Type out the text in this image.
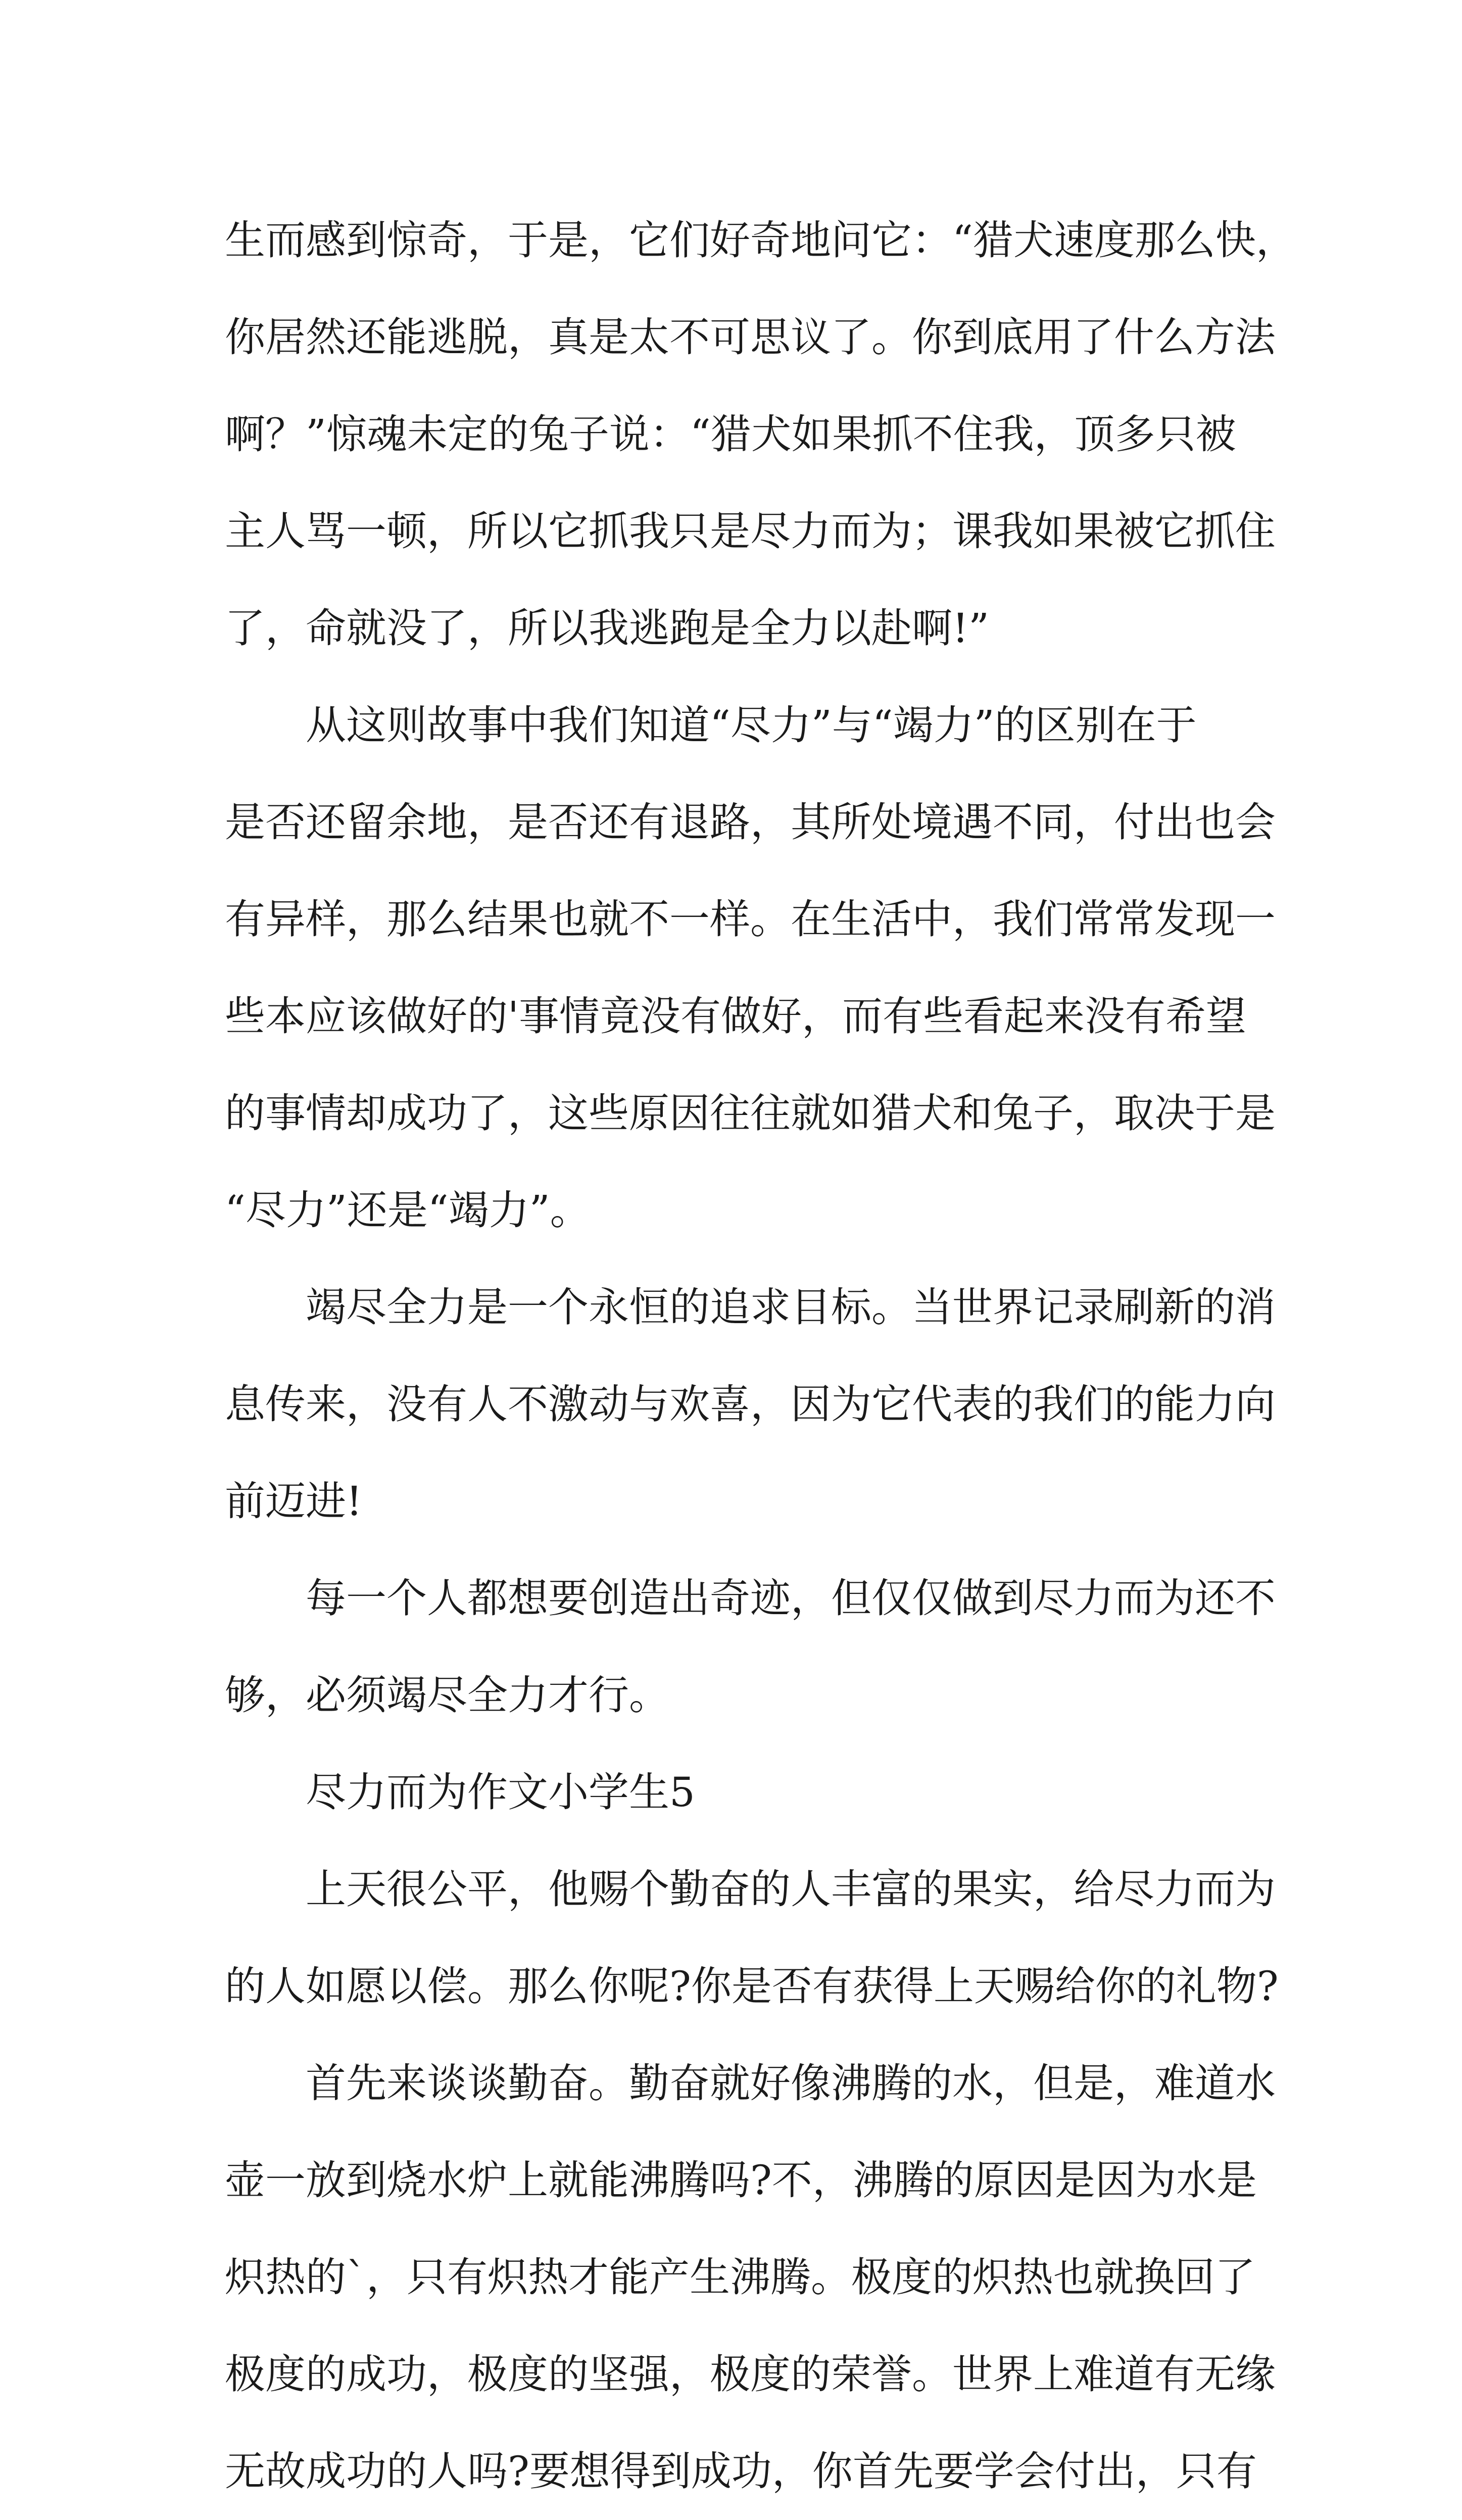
生而感到惊奇，于是，它们好奇地问它：“猎犬速度那么快，
你居然还能逃脱，真是太不可思议了。你到底用了什么方法
啊？”惊魂未定的兔子说：“猎犬如果抓不住我，顶多只被
主人骂一顿，所以它抓我只是尽力而为；课我如果被它抓住
了，命就没了，所以我逃跑是全力以赴啊!”
从这则故事中我们知道“尽力”与“竭力”的区别在于
是否还留余地，是否还有退路，其所处境遇不同，付出也会
有异样，那么结果也就不一样。在生活中，我们常常发现一
些本应该做好的'事情竟没有做好，而有些看起来没有希望
的事情却成功了，这些原因往往就如猎犬和兔子，取决于是
“尽力”还是“竭力”。
竭尽全力是一个永恒的追求目标。当世界记录刷新的消
息传来，没有人不激动与欢喜，因为它代表的我们的能力向
前迈进!
每一个人都想要创造出奇迹，但仅仅做到尽力而为还不
够，必须竭尽全力才行。
尽力而为作文小学生5
上天很公平，他赐个勤奋的人丰富的果实，给尽力而为
的人如愿以偿。那么你呢?你是否有获得上天赐给你的礼物?
首先来谈谈勤奋。勤奋就好像沸腾的水，但是，难道水
壶一放到烧水炉上就能沸腾吗?不，沸腾的原因是因为水是
炽热的`，只有炽热才能产生沸腾。极度的炽热也就换回了
极度的成功，极度的坚强，极度的荣誉。世界上难道有无缘
无故成功的人吗?要想得到成功，你首先要学会付出，只有
